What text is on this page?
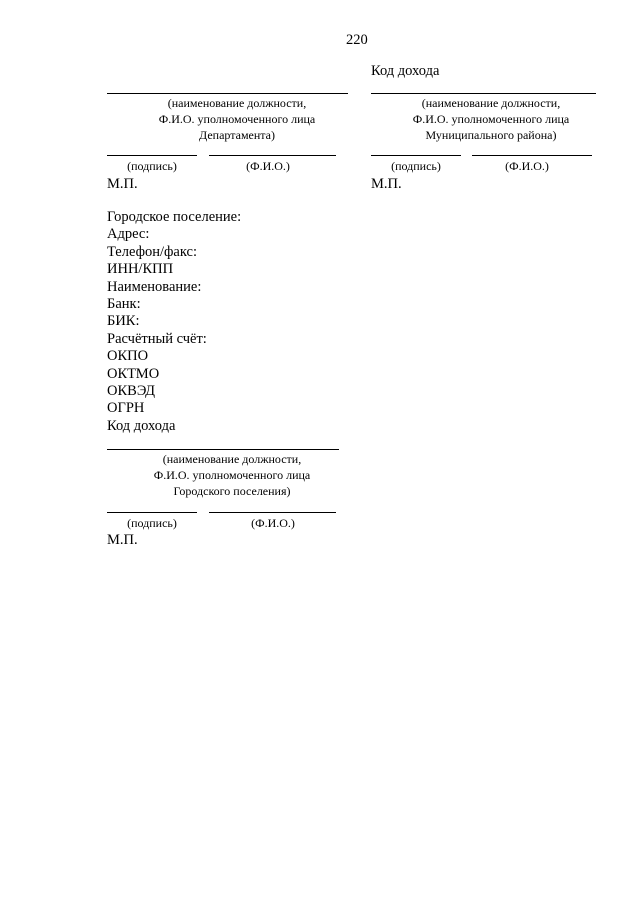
220
Код дохода
(наименование должности,
Ф.И.О. уполномоченного лица
Департамента)
(наименование должности,
Ф.И.О. уполномоченного лица
Муниципального района)
(подпись)	(Ф.И.О.)
М.П.
(подпись)	(Ф.И.О.)
М.П.
Городское поселение:
Адрес:
Телефон/факс:
ИНН/КПП
Наименование:
Банк:
БИК:
Расчётный счёт:
ОКПО
ОКТМО
ОКВЭД
ОГРН
Код дохода
(наименование должности,
Ф.И.О. уполномоченного лица
Городского поселения)
(подпись)	(Ф.И.О.)
М.П.
